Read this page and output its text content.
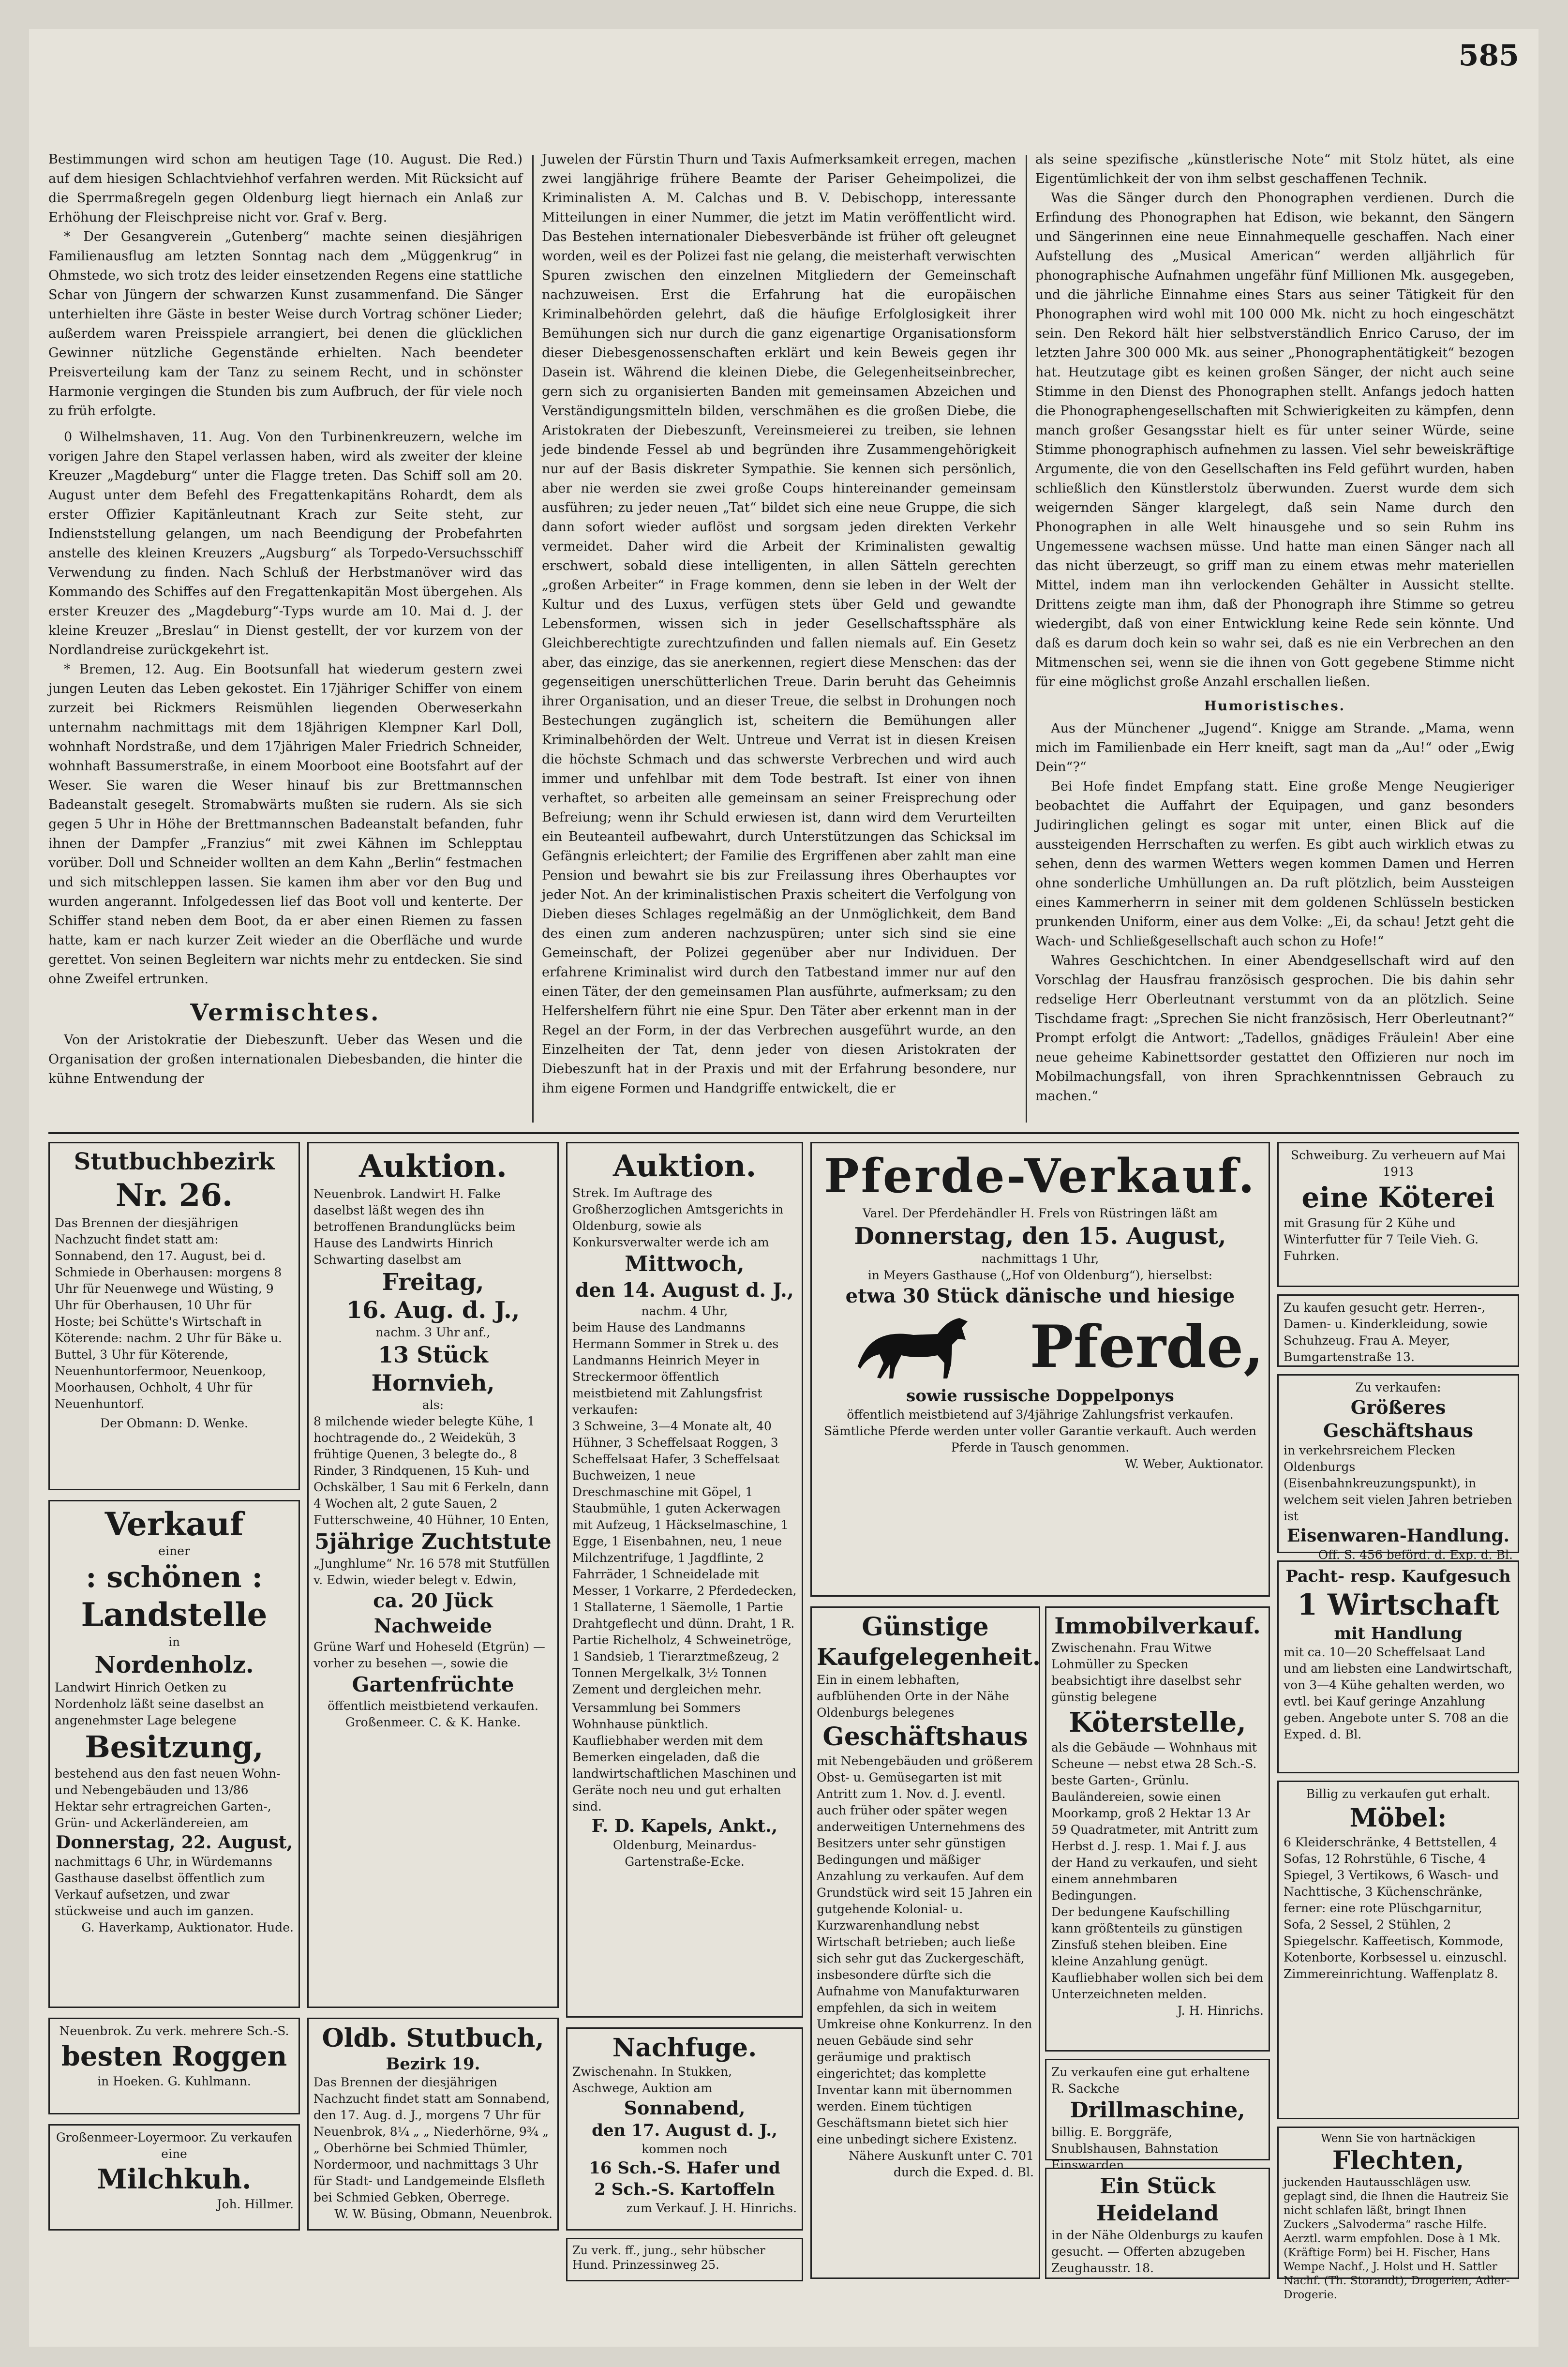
585

Bestimmungen wird schon am heutigen Tage (10. August. Die Red.) auf dem hiesigen Schlachtviehhof verfahren werden. Mit Rücksicht auf die Sperrmaßregeln gegen Oldenburg liegt hiernach ein Anlaß zur Erhöhung der Fleischpreise nicht vor. Graf v. Berg.

* Der Gesangverein „Gutenberg“ machte seinen diesjährigen Familienausflug am letzten Sonntag nach dem „Müggenkrug“ in Ohmstede, wo sich trotz des leider einsetzenden Regens eine stattliche Schar von Jüngern der schwarzen Kunst zusammenfand. Die Sänger unterhielten ihre Gäste in bester Weise durch Vortrag schöner Lieder; außerdem waren Preisspiele arrangiert, bei denen die glücklichen Gewinner nützliche Gegenstände erhielten. Nach beendeter Preisverteilung kam der Tanz zu seinem Recht, und in schönster Harmonie vergingen die Stunden bis zum Aufbruch, der für viele noch zu früh erfolgte.

0 Wilhelmshaven, 11. Aug. Von den Turbinenkreuzern, welche im vorigen Jahre den Stapel verlassen haben, wird als zweiter der kleine Kreuzer „Magdeburg“ unter die Flagge treten. Das Schiff soll am 20. August unter dem Befehl des Fregattenkapitäns Rohardt, dem als erster Offizier Kapitänleutnant Krach zur Seite steht, zur Indienststellung gelangen, um nach Beendigung der Probefahrten anstelle des kleinen Kreuzers „Augsburg“ als Torpedo-Versuchsschiff Verwendung zu finden. Nach Schluß der Herbstmanöver wird das Kommando des Schiffes auf den Fregattenkapitän Most übergehen. Als erster Kreuzer des „Magdeburg“-Typs wurde am 10. Mai d. J. der kleine Kreuzer „Breslau“ in Dienst gestellt, der vor kurzem von der Nordlandreise zurückgekehrt ist.

* Bremen, 12. Aug. Ein Bootsunfall hat wiederum gestern zwei jungen Leuten das Leben gekostet. Ein 17jähriger Schiffer von einem zurzeit bei Rickmers Reismühlen liegenden Oberweserkahn unternahm nachmittags mit dem 18jährigen Klempner Karl Doll, wohnhaft Nordstraße, und dem 17jährigen Maler Friedrich Schneider, wohnhaft Bassumerstraße, in einem Moorboot eine Bootsfahrt auf der Weser. Sie waren die Weser hinauf bis zur Brettmannschen Badeanstalt gesegelt. Stromabwärts mußten sie rudern. Als sie sich gegen 5 Uhr in Höhe der Brettmannschen Badeanstalt befanden, fuhr ihnen der Dampfer „Franzius“ mit zwei Kähnen im Schlepptau vorüber. Doll und Schneider wollten an dem Kahn „Berlin“ festmachen und sich mitschleppen lassen. Sie kamen ihm aber vor den Bug und wurden angerannt. Infolgedessen lief das Boot voll und kenterte. Der Schiffer stand neben dem Boot, da er aber einen Riemen zu fassen hatte, kam er nach kurzer Zeit wieder an die Oberfläche und wurde gerettet. Von seinen Begleitern war nichts mehr zu entdecken. Sie sind ohne Zweifel ertrunken.

Vermischtes.

Von der Aristokratie der Diebeszunft. Ueber das Wesen und die Organisation der großen internationalen Diebesbanden, die hinter die kühne Entwendung der

Juwelen der Fürstin Thurn und Taxis Aufmerksamkeit erregen, machen zwei langjährige frühere Beamte der Pariser Geheimpolizei, die Kriminalisten A. M. Calchas und B. V. Debischopp, interessante Mitteilungen in einer Nummer, die jetzt im Matin veröffentlicht wird. Das Bestehen internationaler Diebesverbände ist früher oft geleugnet worden, weil es der Polizei fast nie gelang, die meisterhaft verwischten Spuren zwischen den einzelnen Mitgliedern der Gemeinschaft nachzuweisen. Erst die Erfahrung hat die europäischen Kriminalbehörden gelehrt, daß die häufige Erfolglosigkeit ihrer Bemühungen sich nur durch die ganz eigenartige Organisationsform dieser Diebesgenossenschaften erklärt und kein Beweis gegen ihr Dasein ist. Während die kleinen Diebe, die Gelegenheitseinbrecher, gern sich zu organisierten Banden mit gemeinsamen Abzeichen und Verständigungsmitteln bilden, verschmähen es die großen Diebe, die Aristokraten der Diebeszunft, Vereinsmeierei zu treiben, sie lehnen jede bindende Fessel ab und begründen ihre Zusammengehörigkeit nur auf der Basis diskreter Sympathie. Sie kennen sich persönlich, aber nie werden sie zwei große Coups hintereinander gemeinsam ausführen; zu jeder neuen „Tat“ bildet sich eine neue Gruppe, die sich dann sofort wieder auflöst und sorgsam jeden direkten Verkehr vermeidet. Daher wird die Arbeit der Kriminalisten gewaltig erschwert, sobald diese intelligenten, in allen Sätteln gerechten „großen Arbeiter“ in Frage kommen, denn sie leben in der Welt der Kultur und des Luxus, verfügen stets über Geld und gewandte Lebensformen, wissen sich in jeder Gesellschaftssphäre als Gleichberechtigte zurechtzufinden und fallen niemals auf. Ein Gesetz aber, das einzige, das sie anerkennen, regiert diese Menschen: das der gegenseitigen unerschütterlichen Treue. Darin beruht das Geheimnis ihrer Organisation, und an dieser Treue, die selbst in Drohungen noch Bestechungen zugänglich ist, scheitern die Bemühungen aller Kriminalbehörden der Welt. Untreue und Verrat ist in diesen Kreisen die höchste Schmach und das schwerste Verbrechen und wird auch immer und unfehlbar mit dem Tode bestraft. Ist einer von ihnen verhaftet, so arbeiten alle gemeinsam an seiner Freisprechung oder Befreiung; wenn ihr Schuld erwiesen ist, dann wird dem Verurteilten ein Beuteanteil aufbewahrt, durch Unterstützungen das Schicksal im Gefängnis erleichtert; der Familie des Ergriffenen aber zahlt man eine Pension und bewahrt sie bis zur Freilassung ihres Oberhauptes vor jeder Not. An der kriminalistischen Praxis scheitert die Verfolgung von Dieben dieses Schlages regelmäßig an der Unmöglichkeit, dem Band des einen zum anderen nachzuspüren; unter sich sind sie eine Gemeinschaft, der Polizei gegenüber aber nur Individuen. Der erfahrene Kriminalist wird durch den Tatbestand immer nur auf den einen Täter, der den gemeinsamen Plan ausführte, aufmerksam; zu den Helfershelfern führt nie eine Spur. Den Täter aber erkennt man in der Regel an der Form, in der das Verbrechen ausgeführt wurde, an den Einzelheiten der Tat, denn jeder von diesen Aristokraten der Diebeszunft hat in der Praxis und mit der Erfahrung besondere, nur ihm eigene Formen und Handgriffe entwickelt, die er

als seine spezifische „künstlerische Note“ mit Stolz hütet, als eine Eigentümlichkeit der von ihm selbst geschaffenen Technik.

Was die Sänger durch den Phonographen verdienen. Durch die Erfindung des Phonographen hat Edison, wie bekannt, den Sängern und Sängerinnen eine neue Einnahmequelle geschaffen. Nach einer Aufstellung des „Musical American“ werden alljährlich für phonographische Aufnahmen ungefähr fünf Millionen Mk. ausgegeben, und die jährliche Einnahme eines Stars aus seiner Tätigkeit für den Phonographen wird wohl mit 100 000 Mk. nicht zu hoch eingeschätzt sein. Den Rekord hält hier selbstverständlich Enrico Caruso, der im letzten Jahre 300 000 Mk. aus seiner „Phonographentätigkeit“ bezogen hat. Heutzutage gibt es keinen großen Sänger, der nicht auch seine Stimme in den Dienst des Phonographen stellt. Anfangs jedoch hatten die Phonographengesellschaften mit Schwierigkeiten zu kämpfen, denn manch großer Gesangsstar hielt es für unter seiner Würde, seine Stimme phonographisch aufnehmen zu lassen. Viel sehr beweiskräftige Argumente, die von den Gesellschaften ins Feld geführt wurden, haben schließlich den Künstlerstolz überwunden. Zuerst wurde dem sich weigernden Sänger klargelegt, daß sein Name durch den Phonographen in alle Welt hinausgehe und so sein Ruhm ins Ungemessene wachsen müsse. Und hatte man einen Sänger nach all das nicht überzeugt, so griff man zu einem etwas mehr materiellen Mittel, indem man ihn verlockenden Gehälter in Aussicht stellte. Drittens zeigte man ihm, daß der Phonograph ihre Stimme so getreu wiedergibt, daß von einer Entwicklung keine Rede sein könnte. Und daß es darum doch kein so wahr sei, daß es nie ein Verbrechen an den Mitmenschen sei, wenn sie die ihnen von Gott gegebene Stimme nicht für eine möglichst große Anzahl erschallen ließen.

Humoristisches.

Aus der Münchener „Jugend“. Knigge am Strande. „Mama, wenn mich im Familienbade ein Herr kneift, sagt man da „Au!“ oder „Ewig Dein“?“

Bei Hofe findet Empfang statt. Eine große Menge Neugieriger beobachtet die Auffahrt der Equipagen, und ganz besonders Judiringlichen gelingt es sogar mit unter, einen Blick auf die aussteigenden Herrschaften zu werfen. Es gibt auch wirklich etwas zu sehen, denn des warmen Wetters wegen kommen Damen und Herren ohne sonderliche Umhüllungen an. Da ruft plötzlich, beim Aussteigen eines Kammerherrn in seiner mit dem goldenen Schlüsseln besticken prunkenden Uniform, einer aus dem Volke: „Ei, da schau! Jetzt geht die Wach- und Schließgesellschaft auch schon zu Hofe!“

Wahres Geschichtchen. In einer Abendgesellschaft wird auf den Vorschlag der Hausfrau französisch gesprochen. Die bis dahin sehr redselige Herr Oberleutnant verstummt von da an plötzlich. Seine Tischdame fragt: „Sprechen Sie nicht französisch, Herr Oberleutnant?“ Prompt erfolgt die Antwort: „Tadellos, gnädiges Fräulein! Aber eine neue geheime Kabinettsorder gestattet den Offizieren nur noch im Mobilmachungsfall, von ihren Sprachkenntnissen Gebrauch zu machen.“

Stutbuchbezirk
Nr. 26.
Das Brennen der diesjährigen Nachzucht findet statt am: Sonnabend, den 17. August, bei d. Schmiede in Oberhausen: morgens 8 Uhr für Neuenwege und Wüsting, 9 Uhr für Oberhausen, 10 Uhr für Hoste; bei Schütte's Wirtschaft in Köterende: nachm. 2 Uhr für Bäke u. Buttel, 3 Uhr für Köterende, Neuenhuntorfermoor, Neuenkoop, Moorhausen, Ochholt, 4 Uhr für Neuenhuntorf.
Der Obmann: D. Wenke.
Verkauf
einer
: schönen :
Landstelle
in
Nordenholz.
Landwirt Hinrich Oetken zu Nordenholz läßt seine daselbst an angenehmster Lage belegene
Besitzung,
bestehend aus den fast neuen Wohn- und Nebengebäuden und 13/86 Hektar sehr ertragreichen Garten-, Grün- und Ackerländereien, am
Donnerstag, 22. August,
nachmittags 6 Uhr, in Würdemanns Gasthause daselbst öffentlich zum Verkauf aufsetzen, und zwar stückweise und auch im ganzen.
G. Haverkamp, Auktionator. Hude.
Neuenbrok. Zu verk. mehrere Sch.-S.
besten Roggen
in Hoeken. G. Kuhlmann.
Großenmeer-Loyermoor. Zu verkaufen eine
Milchkuh.
Joh. Hillmer.
Auktion.
Neuenbrok. Landwirt H. Falke daselbst läßt wegen des ihn betroffenen Brandunglücks beim Hause des Landwirts Hinrich Schwarting daselbst am
Freitag,
16. Aug. d. J.,
nachm. 3 Uhr anf.,
13 Stück Hornvieh,
als:
8 milchende wieder belegte Kühe, 1 hochtragende do., 2 Weideküh, 3 frühtige Quenen, 3 belegte do., 8 Rinder, 3 Rindquenen, 15 Kuh- und Ochskälber, 1 Sau mit 6 Ferkeln, dann 4 Wochen alt, 2 gute Sauen, 2 Futterschweine, 40 Hühner, 10 Enten,
5jährige Zuchtstute
„Junghlume“ Nr. 16 578 mit Stutfüllen v. Edwin, wieder belegt v. Edwin,
ca. 20 Jück Nachweide
Grüne Warf und Hoheseld (Etgrün) — vorher zu besehen —, sowie die
Gartenfrüchte
öffentlich meistbietend verkaufen. Großenmeer. C. & K. Hanke.
Oldb. Stutbuch,
Bezirk 19.
Das Brennen der diesjährigen Nachzucht findet statt am Sonnabend, den 17. Aug. d. J., morgens 7 Uhr für Neuenbrok, 8¼ „ „ Niederhörne, 9¾ „ „ Oberhörne bei Schmied Thümler, Nordermoor, und nachmittags 3 Uhr für Stadt- und Landgemeinde Elsfleth bei Schmied Gebken, Oberrege.
W. W. Büsing, Obmann, Neuenbrok.
Auktion.
Strek. Im Auftrage des Großherzoglichen Amtsgerichts in Oldenburg, sowie als Konkursverwalter werde ich am
Mittwoch,
den 14. August d. J.,
nachm. 4 Uhr,
beim Hause des Landmanns Hermann Sommer in Strek u. des Landmanns Heinrich Meyer in Streckermoor öffentlich meistbietend mit Zahlungsfrist verkaufen:
3 Schweine, 3—4 Monate alt, 40 Hühner, 3 Scheffelsaat Roggen, 3 Scheffelsaat Hafer, 3 Scheffelsaat Buchweizen, 1 neue Dreschmaschine mit Göpel, 1 Staubmühle, 1 guten Ackerwagen mit Aufzeug, 1 Häckselmaschine, 1 Egge, 1 Eisenbahnen, neu, 1 neue Milchzentrifuge, 1 Jagdflinte, 2 Fahrräder, 1 Schneidelade mit Messer, 1 Vorkarre, 2 Pferdedecken, 1 Stallaterne, 1 Säemolle, 1 Partie Drahtgeflecht und dünn. Draht, 1 R. Partie Richelholz, 4 Schweinetröge, 1 Sandsieb, 1 Tierarztmeßzeug, 2 Tonnen Mergelkalk, 3½ Tonnen Zement und dergleichen mehr.
Versammlung bei Sommers Wohnhause pünktlich. Kaufliebhaber werden mit dem Bemerken eingeladen, daß die landwirtschaftlichen Maschinen und Geräte noch neu und gut erhalten sind.
F. D. Kapels, Ankt.,
Oldenburg, Meinardus-Gartenstraße-Ecke.
Nachfuge.
Zwischenahn. In Stukken, Aschwege, Auktion am
Sonnabend,
den 17. August d. J.,
kommen noch
16 Sch.-S. Hafer und
2 Sch.-S. Kartoffeln
zum Verkauf. J. H. Hinrichs.
Zu verk. ff., jung., sehr hübscher Hund. Prinzessinweg 25.
Pferde-Verkauf.
Varel. Der Pferdehändler H. Frels von Rüstringen läßt am
Donnerstag, den 15. August,
nachmittags 1 Uhr,
in Meyers Gasthause („Hof von Oldenburg“), hierselbst:
etwa 30 Stück dänische und hiesige
Pferde,
sowie russische Doppelponys
öffentlich meistbietend auf 3/4jährige Zahlungsfrist verkaufen. Sämtliche Pferde werden unter voller Garantie verkauft. Auch werden Pferde in Tausch genommen.
W. Weber, Auktionator.
Günstige
Kaufgelegenheit.
Ein in einem lebhaften, aufblühenden Orte in der Nähe Oldenburgs belegenes
Geschäftshaus
mit Nebengebäuden und größerem Obst- u. Gemüsegarten ist mit Antritt zum 1. Nov. d. J. eventl. auch früher oder später wegen anderweitigen Unternehmens des Besitzers unter sehr günstigen Bedingungen und mäßiger Anzahlung zu verkaufen. Auf dem Grundstück wird seit 15 Jahren ein gutgehende Kolonial- u. Kurzwarenhandlung nebst Wirtschaft betrieben; auch ließe sich sehr gut das Zuckergeschäft, insbesondere dürfte sich die Aufnahme von Manufakturwaren empfehlen, da sich in weitem Umkreise ohne Konkurrenz. In den neuen Gebäude sind sehr geräumige und praktisch eingerichtet; das komplette Inventar kann mit übernommen werden. Einem tüchtigen Geschäftsmann bietet sich hier eine unbedingt sichere Existenz.
Nähere Auskunft unter C. 701 durch die Exped. d. Bl.
Immobilverkauf.
Zwischenahn. Frau Witwe Lohmüller zu Specken beabsichtigt ihre daselbst sehr günstig belegene
Köterstelle,
als die Gebäude — Wohnhaus mit Scheune — nebst etwa 28 Sch.-S. beste Garten-, Grünlu. Bauländereien, sowie einen Moorkamp, groß 2 Hektar 13 Ar 59 Quadratmeter, mit Antritt zum Herbst d. J. resp. 1. Mai f. J. aus der Hand zu verkaufen, und sieht einem annehmbaren Bedingungen.
Der bedungene Kaufschilling kann größtenteils zu günstigen Zinsfuß stehen bleiben. Eine kleine Anzahlung genügt. Kaufliebhaber wollen sich bei dem Unterzeichneten melden.
J. H. Hinrichs.
Zu verkaufen eine gut erhaltene R. Sackche
Drillmaschine,
billig. E. Borggräfe, Snublshausen, Bahnstation Einswarden.
Ein Stück Heideland
in der Nähe Oldenburgs zu kaufen gesucht. — Offerten abzugeben Zeughausstr. 18.
Schweiburg. Zu verheuern auf Mai 1913
eine Köterei
mit Grasung für 2 Kühe und Winterfutter für 7 Teile Vieh. G. Fuhrken.
Zu kaufen gesucht getr. Herren-, Damen- u. Kinderkleidung, sowie Schuhzeug. Frau A. Meyer, Bumgartenstraße 13.
Zu verkaufen:
Größeres Geschäftshaus
in verkehrsreichem Flecken Oldenburgs (Eisenbahnkreuzungspunkt), in welchem seit vielen Jahren betrieben ist
Eisenwaren-Handlung.
Off. S. 456 beförd. d. Exp. d. Bl.
Pacht- resp. Kaufgesuch
1 Wirtschaft
mit Handlung
mit ca. 10—20 Scheffelsaat Land und am liebsten eine Landwirtschaft, von 3—4 Kühe gehalten werden, wo evtl. bei Kauf geringe Anzahlung geben. Angebote unter S. 708 an die Exped. d. Bl.
Billig zu verkaufen gut erhalt.
Möbel:
6 Kleiderschränke, 4 Bettstellen, 4 Sofas, 12 Rohrstühle, 6 Tische, 4 Spiegel, 3 Vertikows, 6 Wasch- und Nachttische, 3 Küchenschränke, ferner: eine rote Plüschgarnitur, Sofa, 2 Sessel, 2 Stühlen, 2 Spiegelschr. Kaffeetisch, Kommode, Kotenborte, Korbsessel u. einzuschl. Zimmereinrichtung. Waffenplatz 8.
Wenn Sie von hartnäckigen
Flechten,
juckenden Hautausschlägen usw. geplagt sind, die Ihnen die Hautreiz Sie nicht schlafen läßt, bringt Ihnen Zuckers „Salvoderma“ rasche Hilfe. Aerztl. warm empfohlen. Dose à 1 Mk. (Kräftige Form) bei H. Fischer, Hans Wempe Nachf., J. Holst und H. Sattler Nachf. (Th. Storandt), Drogerien, Adler-Drogerie.
